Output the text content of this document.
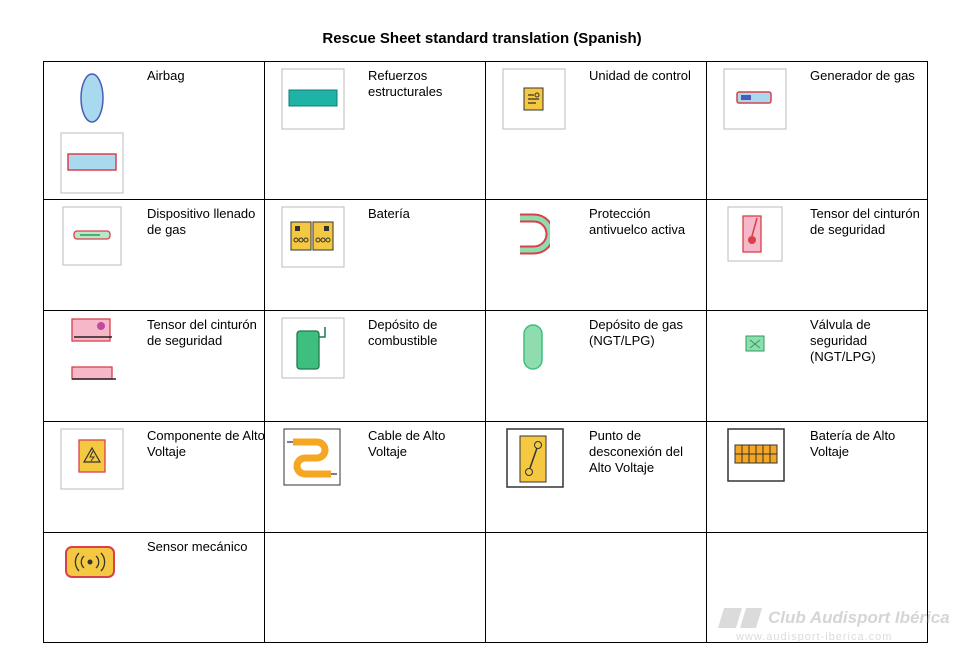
Rescue Sheet standard translation (Spanish)
Airbag	Refuerzos estructurales	Unidad de control	Generador de gas

Dispositivo llenado de gas	Batería	Protección antivuelco activa	Tensor del cinturón de seguridad

Tensor del cinturón de seguridad	Depósito de combustible	Depósito de gas (NGT/LPG)	Válvula de seguridad (NGT/LPG)

Componente de Alto Voltaje	Cable de Alto Voltaje	Punto de desconexión del Alto Voltaje	Batería de Alto Voltaje

Sensor mecánico			

Club Audisport Ibérica
www.audisport-iberica.com
